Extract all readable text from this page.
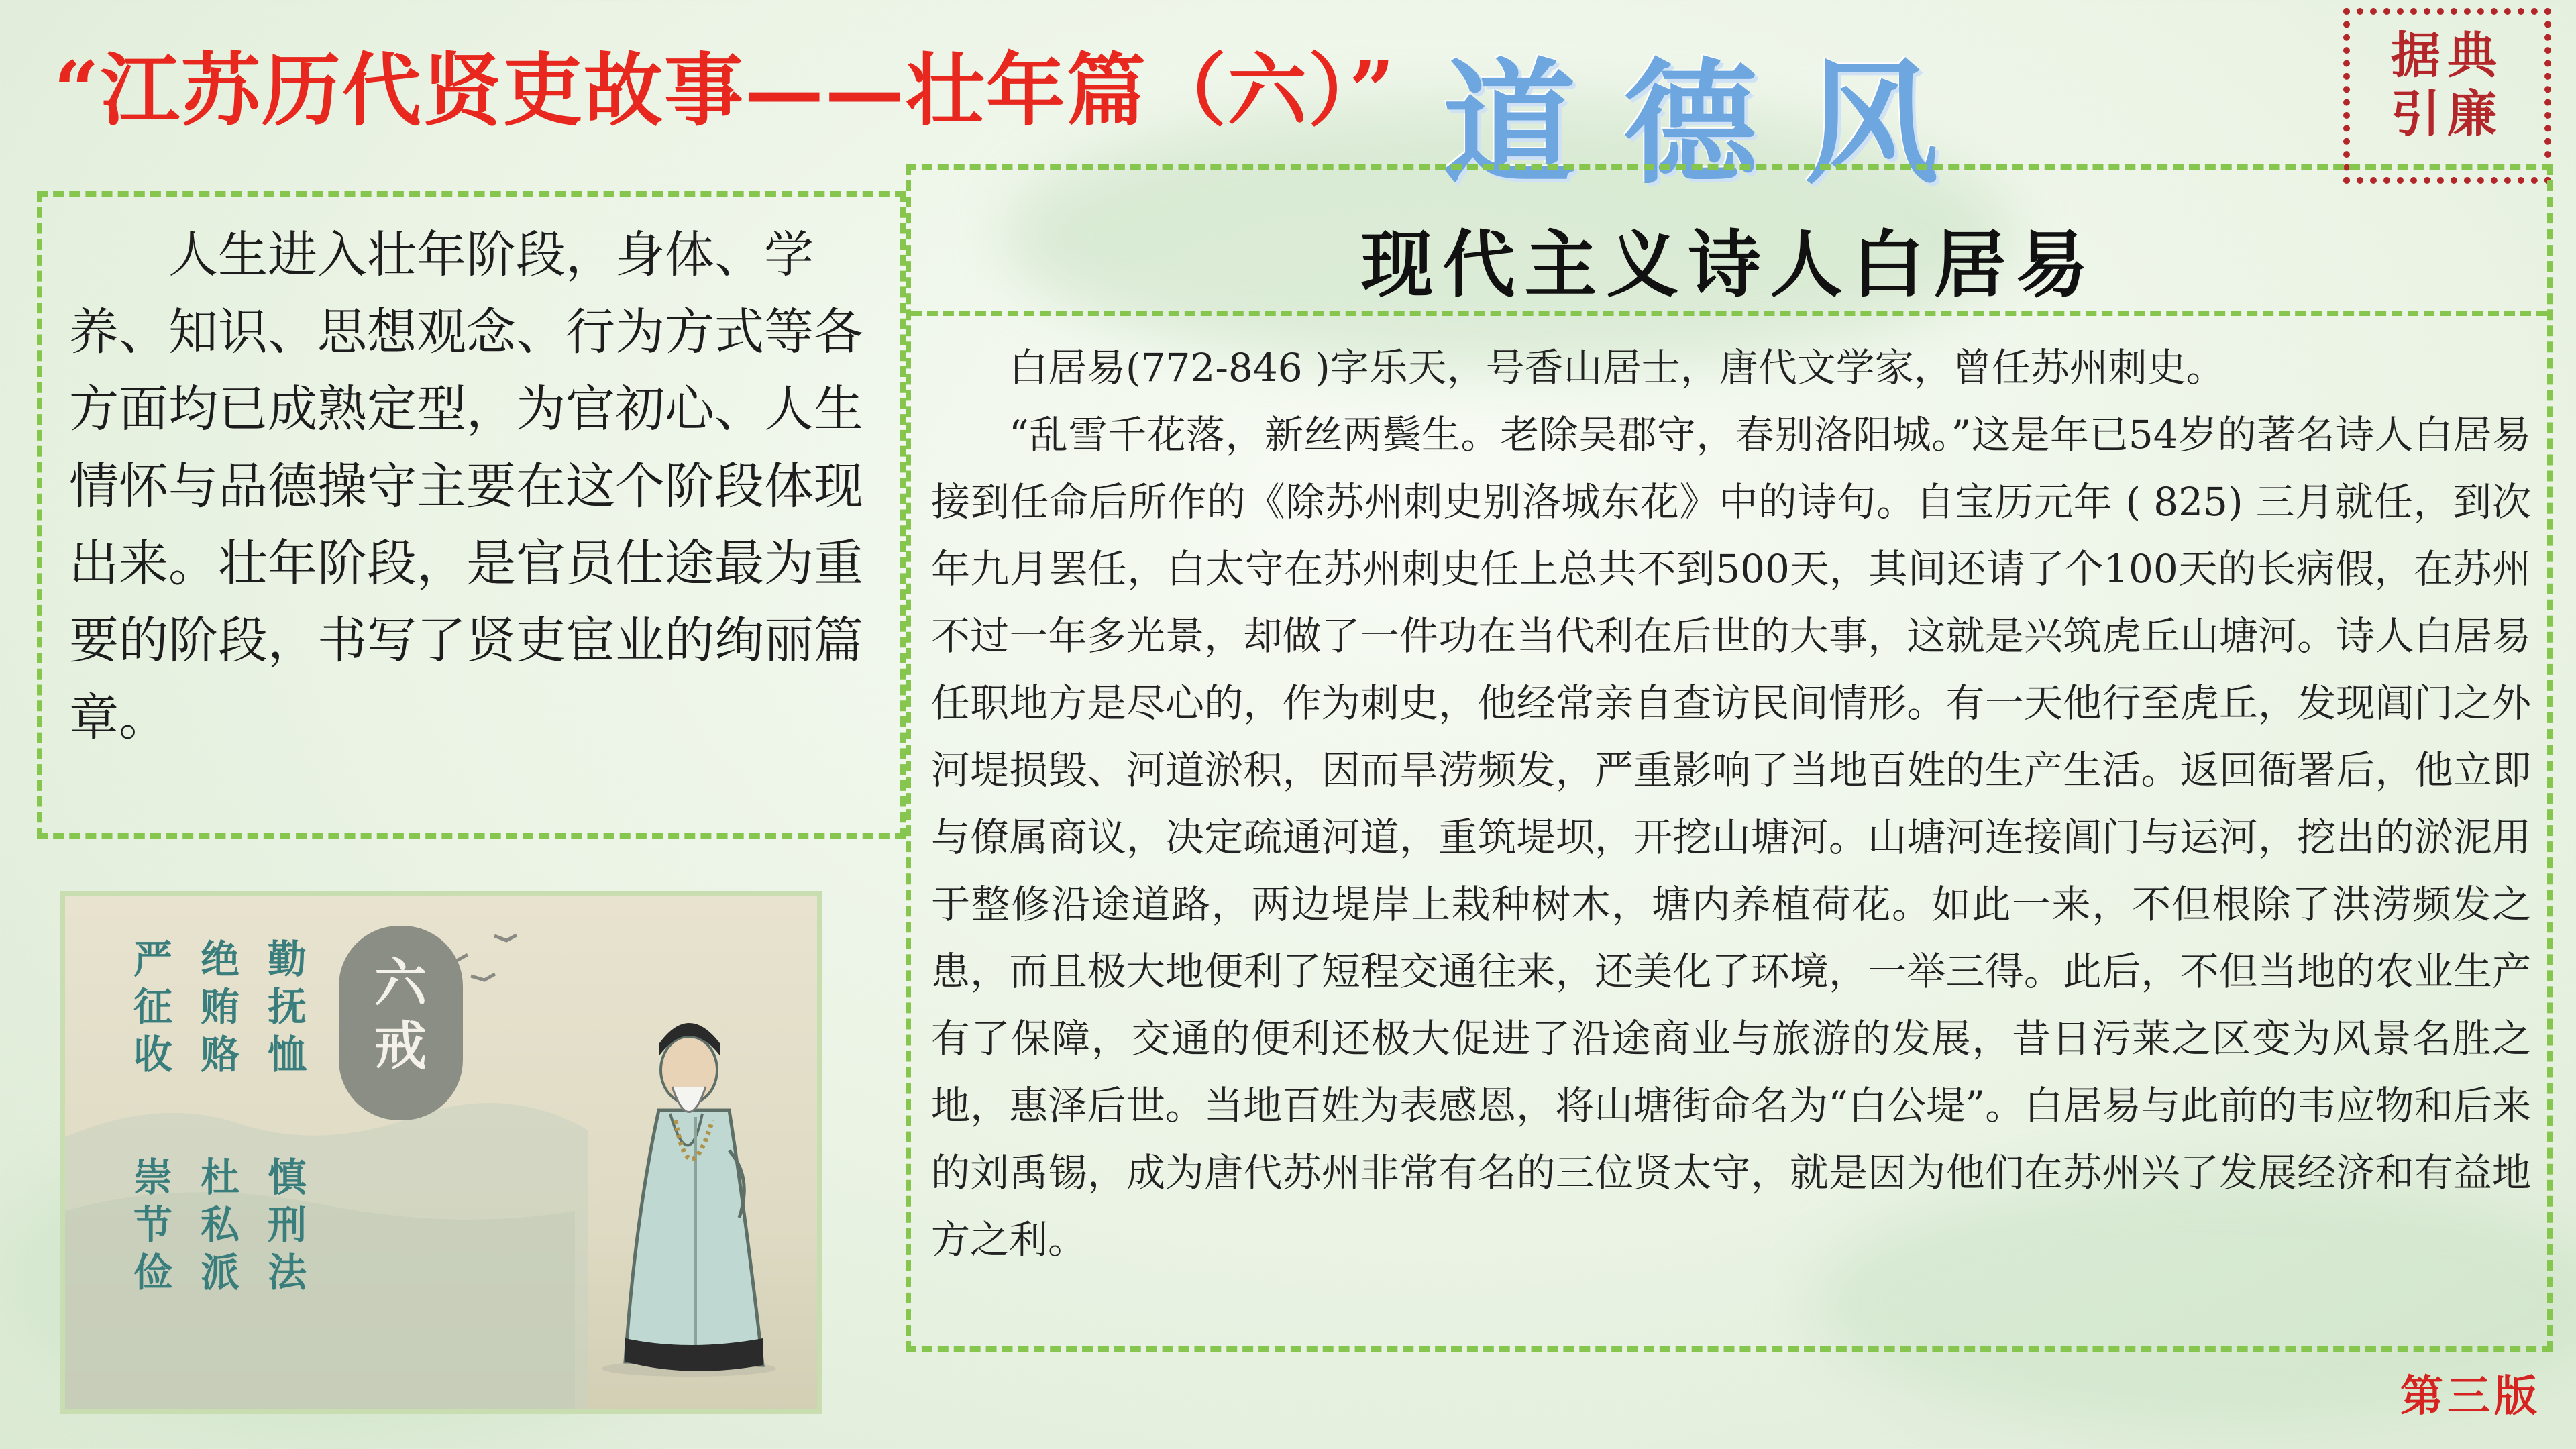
“江苏历代贤吏故事——壮年篇（六）” 道德风	据典
引廉

人生进入壮年阶段，身体、学养、知识、思想观念、行为方式等各方面均已成熟定型，为官初心、人生情怀与品德操守主要在这个阶段体现出来。壮年阶段，是官员仕途最为重要的阶段，书写了贤吏宦业的绚丽篇章。

现代主义诗人白居易

白居易(772-846 )字乐天，号香山居士，唐代文学家，曾任苏州刺史。

“乱雪千花落，新丝两鬓生。老除吴郡守，春别洛阳城。”这是年已54岁的著名诗人白居易接到任命后所作的《除苏州刺史别洛城东花》中的诗句。自宝历元年 ( 825) 三月就任，到次年九月罢任，白太守在苏州刺史任上总共不到500天，其间还请了个100天的长病假，在苏州不过一年多光景，却做了一件功在当代利在后世的大事，这就是兴筑虎丘山塘河。诗人白居易任职地方是尽心的，作为刺史，他经常亲自查访民间情形。有一天他行至虎丘，发现阊门之外河堤损毁、河道淤积，因而旱涝频发，严重影响了当地百姓的生产生活。返回衙署后，他立即与僚属商议，决定疏通河道，重筑堤坝，开挖山塘河。山塘河连接阊门与运河，挖出的淤泥用于整修沿途道路，两边堤岸上栽种树木，塘内养植荷花。如此一来，不但根除了洪涝频发之患，而且极大地便利了短程交通往来，还美化了环境，一举三得。此后，不但当地的农业生产有了保障，交通的便利还极大促进了沿途商业与旅游的发展，昔日污莱之区变为风景名胜之地，惠泽后世。当地百姓为表感恩，将山塘街命名为“白公堤”。白居易与此前的韦应物和后来的刘禹锡，成为唐代苏州非常有名的三位贤太守，就是因为他们在苏州兴了发展经济和有益地方之利。

严征收
绝贿赂
勤抚恤
崇节俭
杜私派
慎刑法
六戒
第三版
